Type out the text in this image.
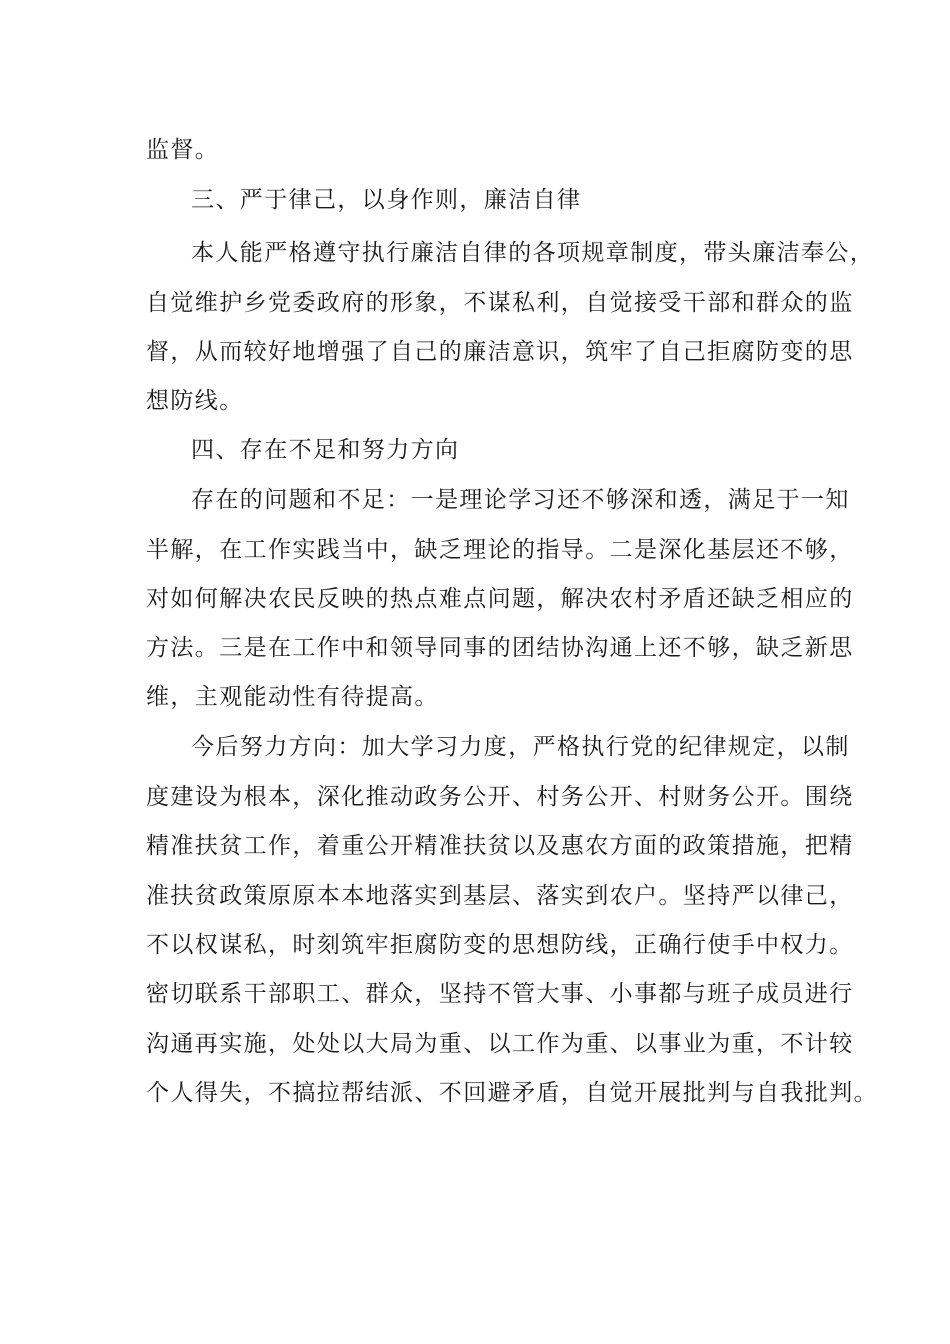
监督。
三、严于律己，以身作则，廉洁自律
本人能严格遵守执行廉洁自律的各项规章制度，带头廉洁奉公，
自觉维护乡党委政府的形象，不谋私利，自觉接受干部和群众的监
督，从而较好地增强了自己的廉洁意识，筑牢了自己拒腐防变的思
想防线。
四、存在不足和努力方向
存在的问题和不足：一是理论学习还不够深和透，满足于一知
半解，在工作实践当中，缺乏理论的指导。二是深化基层还不够，
对如何解决农民反映的热点难点问题，解决农村矛盾还缺乏相应的
方法。三是在工作中和领导同事的团结协沟通上还不够，缺乏新思
维，主观能动性有待提高。
今后努力方向：加大学习力度，严格执行党的纪律规定，以制
度建设为根本，深化推动政务公开、村务公开、村财务公开。围绕
精准扶贫工作，着重公开精准扶贫以及惠农方面的政策措施，把精
准扶贫政策原原本本地落实到基层、落实到农户。坚持严以律己，
不以权谋私，时刻筑牢拒腐防变的思想防线，正确行使手中权力。
密切联系干部职工、群众，坚持不管大事、小事都与班子成员进行
沟通再实施，处处以大局为重、以工作为重、以事业为重，不计较
个人得失，不搞拉帮结派、不回避矛盾，自觉开展批判与自我批判。
